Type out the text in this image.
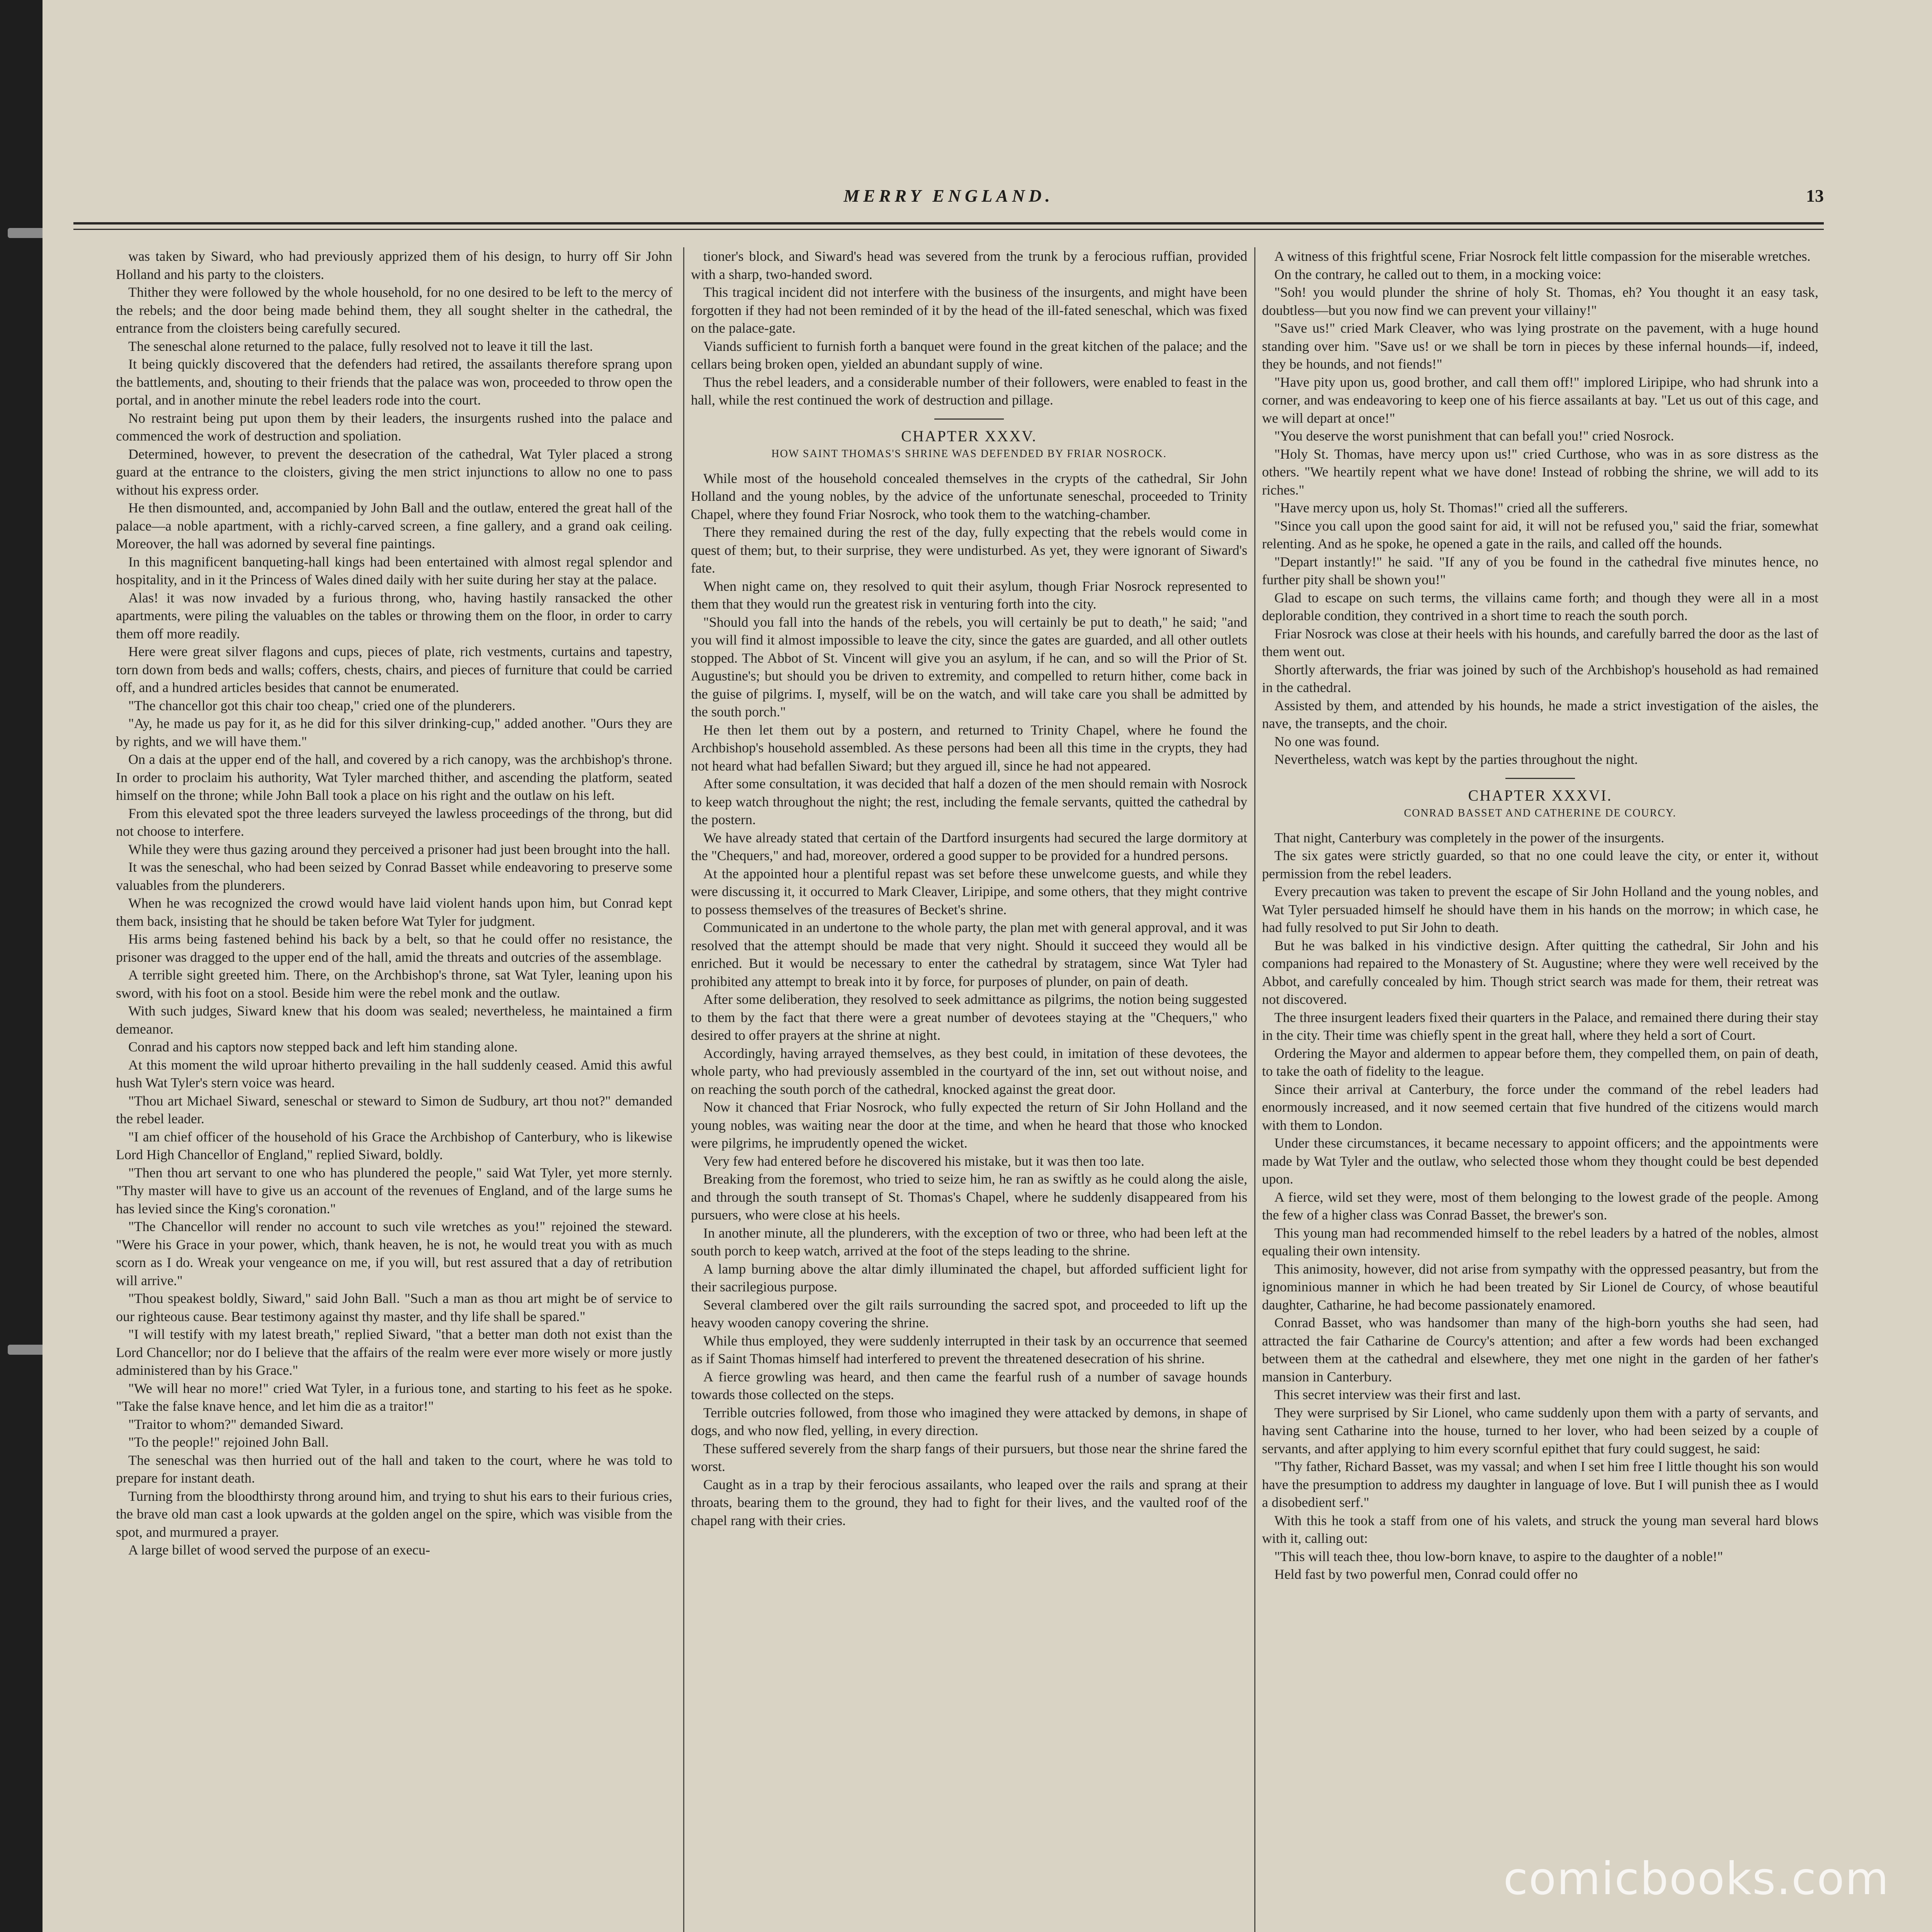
MERRY ENGLAND.	13

was taken by Siward, who had previously apprized them of his design, to hurry off Sir John Holland and his party to the cloisters.

Thither they were followed by the whole household, for no one desired to be left to the mercy of the rebels; and the door being made behind them, they all sought shelter in the cathedral, the entrance from the cloisters being carefully secured.

The seneschal alone returned to the palace, fully resolved not to leave it till the last.

It being quickly discovered that the defenders had retired, the assailants therefore sprang upon the battlements, and, shouting to their friends that the palace was won, proceeded to throw open the portal, and in another minute the rebel leaders rode into the court.

No restraint being put upon them by their leaders, the insurgents rushed into the palace and commenced the work of destruction and spoliation.

Determined, however, to prevent the desecration of the cathedral, Wat Tyler placed a strong guard at the entrance to the cloisters, giving the men strict injunctions to allow no one to pass without his express order.

He then dismounted, and, accompanied by John Ball and the outlaw, entered the great hall of the palace—a noble apartment, with a richly-carved screen, a fine gallery, and a grand oak ceiling. Moreover, the hall was adorned by several fine paintings.

In this magnificent banqueting-hall kings had been entertained with almost regal splendor and hospitality, and in it the Princess of Wales dined daily with her suite during her stay at the palace.

Alas! it was now invaded by a furious throng, who, having hastily ransacked the other apartments, were piling the valuables on the tables or throwing them on the floor, in order to carry them off more readily.

Here were great silver flagons and cups, pieces of plate, rich vestments, curtains and tapestry, torn down from beds and walls; coffers, chests, chairs, and pieces of furniture that could be carried off, and a hundred articles besides that cannot be enumerated.

"The chancellor got this chair too cheap," cried one of the plunderers.

"Ay, he made us pay for it, as he did for this silver drinking-cup," added another. "Ours they are by rights, and we will have them."

On a dais at the upper end of the hall, and covered by a rich canopy, was the archbishop's throne. In order to proclaim his authority, Wat Tyler marched thither, and ascending the platform, seated himself on the throne; while John Ball took a place on his right and the outlaw on his left.

From this elevated spot the three leaders surveyed the lawless proceedings of the throng, but did not choose to interfere.

While they were thus gazing around they perceived a prisoner had just been brought into the hall.

It was the seneschal, who had been seized by Conrad Basset while endeavoring to preserve some valuables from the plunderers.

When he was recognized the crowd would have laid violent hands upon him, but Conrad kept them back, insisting that he should be taken before Wat Tyler for judgment.

His arms being fastened behind his back by a belt, so that he could offer no resistance, the prisoner was dragged to the upper end of the hall, amid the threats and outcries of the assemblage.

A terrible sight greeted him. There, on the Archbishop's throne, sat Wat Tyler, leaning upon his sword, with his foot on a stool. Beside him were the rebel monk and the outlaw.

With such judges, Siward knew that his doom was sealed; nevertheless, he maintained a firm demeanor.

Conrad and his captors now stepped back and left him standing alone.

At this moment the wild uproar hitherto prevailing in the hall suddenly ceased. Amid this awful hush Wat Tyler's stern voice was heard.

"Thou art Michael Siward, seneschal or steward to Simon de Sudbury, art thou not?" demanded the rebel leader.

"I am chief officer of the household of his Grace the Archbishop of Canterbury, who is likewise Lord High Chancellor of England," replied Siward, boldly.

"Then thou art servant to one who has plundered the people," said Wat Tyler, yet more sternly. "Thy master will have to give us an account of the revenues of England, and of the large sums he has levied since the King's coronation."

"The Chancellor will render no account to such vile wretches as you!" rejoined the steward. "Were his Grace in your power, which, thank heaven, he is not, he would treat you with as much scorn as I do. Wreak your vengeance on me, if you will, but rest assured that a day of retribution will arrive."

"Thou speakest boldly, Siward," said John Ball. "Such a man as thou art might be of service to our righteous cause. Bear testimony against thy master, and thy life shall be spared."

"I will testify with my latest breath," replied Siward, "that a better man doth not exist than the Lord Chancellor; nor do I believe that the affairs of the realm were ever more wisely or more justly administered than by his Grace."

"We will hear no more!" cried Wat Tyler, in a furious tone, and starting to his feet as he spoke. "Take the false knave hence, and let him die as a traitor!"

"Traitor to whom?" demanded Siward.

"To the people!" rejoined John Ball.

The seneschal was then hurried out of the hall and taken to the court, where he was told to prepare for instant death.

Turning from the bloodthirsty throng around him, and trying to shut his ears to their furious cries, the brave old man cast a look upwards at the golden angel on the spire, which was visible from the spot, and murmured a prayer.

A large billet of wood served the purpose of an execu-

tioner's block, and Siward's head was severed from the trunk by a ferocious ruffian, provided with a sharp, two-handed sword.

This tragical incident did not interfere with the business of the insurgents, and might have been forgotten if they had not been reminded of it by the head of the ill-fated seneschal, which was fixed on the palace-gate.

Viands sufficient to furnish forth a banquet were found in the great kitchen of the palace; and the cellars being broken open, yielded an abundant supply of wine.

Thus the rebel leaders, and a considerable number of their followers, were enabled to feast in the hall, while the rest continued the work of destruction and pillage.

CHAPTER XXXV.
HOW SAINT THOMAS'S SHRINE WAS DEFENDED BY FRIAR NOSROCK.

While most of the household concealed themselves in the crypts of the cathedral, Sir John Holland and the young nobles, by the advice of the unfortunate seneschal, proceeded to Trinity Chapel, where they found Friar Nosrock, who took them to the watching-chamber.

There they remained during the rest of the day, fully expecting that the rebels would come in quest of them; but, to their surprise, they were undisturbed. As yet, they were ignorant of Siward's fate.

When night came on, they resolved to quit their asylum, though Friar Nosrock represented to them that they would run the greatest risk in venturing forth into the city.

"Should you fall into the hands of the rebels, you will certainly be put to death," he said; "and you will find it almost impossible to leave the city, since the gates are guarded, and all other outlets stopped. The Abbot of St. Vincent will give you an asylum, if he can, and so will the Prior of St. Augustine's; but should you be driven to extremity, and compelled to return hither, come back in the guise of pilgrims. I, myself, will be on the watch, and will take care you shall be admitted by the south porch."

He then let them out by a postern, and returned to Trinity Chapel, where he found the Archbishop's household assembled. As these persons had been all this time in the crypts, they had not heard what had befallen Siward; but they argued ill, since he had not appeared.

After some consultation, it was decided that half a dozen of the men should remain with Nosrock to keep watch throughout the night; the rest, including the female servants, quitted the cathedral by the postern.

We have already stated that certain of the Dartford insurgents had secured the large dormitory at the "Chequers," and had, moreover, ordered a good supper to be provided for a hundred persons.

At the appointed hour a plentiful repast was set before these unwelcome guests, and while they were discussing it, it occurred to Mark Cleaver, Liripipe, and some others, that they might contrive to possess themselves of the treasures of Becket's shrine.

Communicated in an undertone to the whole party, the plan met with general approval, and it was resolved that the attempt should be made that very night. Should it succeed they would all be enriched. But it would be necessary to enter the cathedral by stratagem, since Wat Tyler had prohibited any attempt to break into it by force, for purposes of plunder, on pain of death.

After some deliberation, they resolved to seek admittance as pilgrims, the notion being suggested to them by the fact that there were a great number of devotees staying at the "Chequers," who desired to offer prayers at the shrine at night.

Accordingly, having arrayed themselves, as they best could, in imitation of these devotees, the whole party, who had previously assembled in the courtyard of the inn, set out without noise, and on reaching the south porch of the cathedral, knocked against the great door.

Now it chanced that Friar Nosrock, who fully expected the return of Sir John Holland and the young nobles, was waiting near the door at the time, and when he heard that those who knocked were pilgrims, he imprudently opened the wicket.

Very few had entered before he discovered his mistake, but it was then too late.

Breaking from the foremost, who tried to seize him, he ran as swiftly as he could along the aisle, and through the south transept of St. Thomas's Chapel, where he suddenly disappeared from his pursuers, who were close at his heels.

In another minute, all the plunderers, with the exception of two or three, who had been left at the south porch to keep watch, arrived at the foot of the steps leading to the shrine.

A lamp burning above the altar dimly illuminated the chapel, but afforded sufficient light for their sacrilegious purpose.

Several clambered over the gilt rails surrounding the sacred spot, and proceeded to lift up the heavy wooden canopy covering the shrine.

While thus employed, they were suddenly interrupted in their task by an occurrence that seemed as if Saint Thomas himself had interfered to prevent the threatened desecration of his shrine.

A fierce growling was heard, and then came the fearful rush of a number of savage hounds towards those collected on the steps.

Terrible outcries followed, from those who imagined they were attacked by demons, in shape of dogs, and who now fled, yelling, in every direction.

These suffered severely from the sharp fangs of their pursuers, but those near the shrine fared the worst.

Caught as in a trap by their ferocious assailants, who leaped over the rails and sprang at their throats, bearing them to the ground, they had to fight for their lives, and the vaulted roof of the chapel rang with their cries.

A witness of this frightful scene, Friar Nosrock felt little compassion for the miserable wretches.

On the contrary, he called out to them, in a mocking voice:

"Soh! you would plunder the shrine of holy St. Thomas, eh? You thought it an easy task, doubtless—but you now find we can prevent your villainy!"

"Save us!" cried Mark Cleaver, who was lying prostrate on the pavement, with a huge hound standing over him. "Save us! or we shall be torn in pieces by these infernal hounds—if, indeed, they be hounds, and not fiends!"

"Have pity upon us, good brother, and call them off!" implored Liripipe, who had shrunk into a corner, and was endeavoring to keep one of his fierce assailants at bay. "Let us out of this cage, and we will depart at once!"

"You deserve the worst punishment that can befall you!" cried Nosrock.

"Holy St. Thomas, have mercy upon us!" cried Curthose, who was in as sore distress as the others. "We heartily repent what we have done! Instead of robbing the shrine, we will add to its riches."

"Have mercy upon us, holy St. Thomas!" cried all the sufferers.

"Since you call upon the good saint for aid, it will not be refused you," said the friar, somewhat relenting. And as he spoke, he opened a gate in the rails, and called off the hounds.

"Depart instantly!" he said. "If any of you be found in the cathedral five minutes hence, no further pity shall be shown you!"

Glad to escape on such terms, the villains came forth; and though they were all in a most deplorable condition, they contrived in a short time to reach the south porch.

Friar Nosrock was close at their heels with his hounds, and carefully barred the door as the last of them went out.

Shortly afterwards, the friar was joined by such of the Archbishop's household as had remained in the cathedral.

Assisted by them, and attended by his hounds, he made a strict investigation of the aisles, the nave, the transepts, and the choir.

No one was found.

Nevertheless, watch was kept by the parties throughout the night.

CHAPTER XXXVI.
CONRAD BASSET AND CATHERINE DE COURCY.

That night, Canterbury was completely in the power of the insurgents.

The six gates were strictly guarded, so that no one could leave the city, or enter it, without permission from the rebel leaders.

Every precaution was taken to prevent the escape of Sir John Holland and the young nobles, and Wat Tyler persuaded himself he should have them in his hands on the morrow; in which case, he had fully resolved to put Sir John to death.

But he was balked in his vindictive design. After quitting the cathedral, Sir John and his companions had repaired to the Monastery of St. Augustine; where they were well received by the Abbot, and carefully concealed by him. Though strict search was made for them, their retreat was not discovered.

The three insurgent leaders fixed their quarters in the Palace, and remained there during their stay in the city. Their time was chiefly spent in the great hall, where they held a sort of Court.

Ordering the Mayor and aldermen to appear before them, they compelled them, on pain of death, to take the oath of fidelity to the league.

Since their arrival at Canterbury, the force under the command of the rebel leaders had enormously increased, and it now seemed certain that five hundred of the citizens would march with them to London.

Under these circumstances, it became necessary to appoint officers; and the appointments were made by Wat Tyler and the outlaw, who selected those whom they thought could be best depended upon.

A fierce, wild set they were, most of them belonging to the lowest grade of the people. Among the few of a higher class was Conrad Basset, the brewer's son.

This young man had recommended himself to the rebel leaders by a hatred of the nobles, almost equaling their own intensity.

This animosity, however, did not arise from sympathy with the oppressed peasantry, but from the ignominious manner in which he had been treated by Sir Lionel de Courcy, of whose beautiful daughter, Catharine, he had become passionately enamored.

Conrad Basset, who was handsomer than many of the high-born youths she had seen, had attracted the fair Catharine de Courcy's attention; and after a few words had been exchanged between them at the cathedral and elsewhere, they met one night in the garden of her father's mansion in Canterbury.

This secret interview was their first and last.

They were surprised by Sir Lionel, who came suddenly upon them with a party of servants, and having sent Catharine into the house, turned to her lover, who had been seized by a couple of servants, and after applying to him every scornful epithet that fury could suggest, he said:

"Thy father, Richard Basset, was my vassal; and when I set him free I little thought his son would have the presumption to address my daughter in language of love. But I will punish thee as I would a disobedient serf."

With this he took a staff from one of his valets, and struck the young man several hard blows with it, calling out:

"This will teach thee, thou low-born knave, to aspire to the daughter of a noble!"

Held fast by two powerful men, Conrad could offer no

comicbooks.com
